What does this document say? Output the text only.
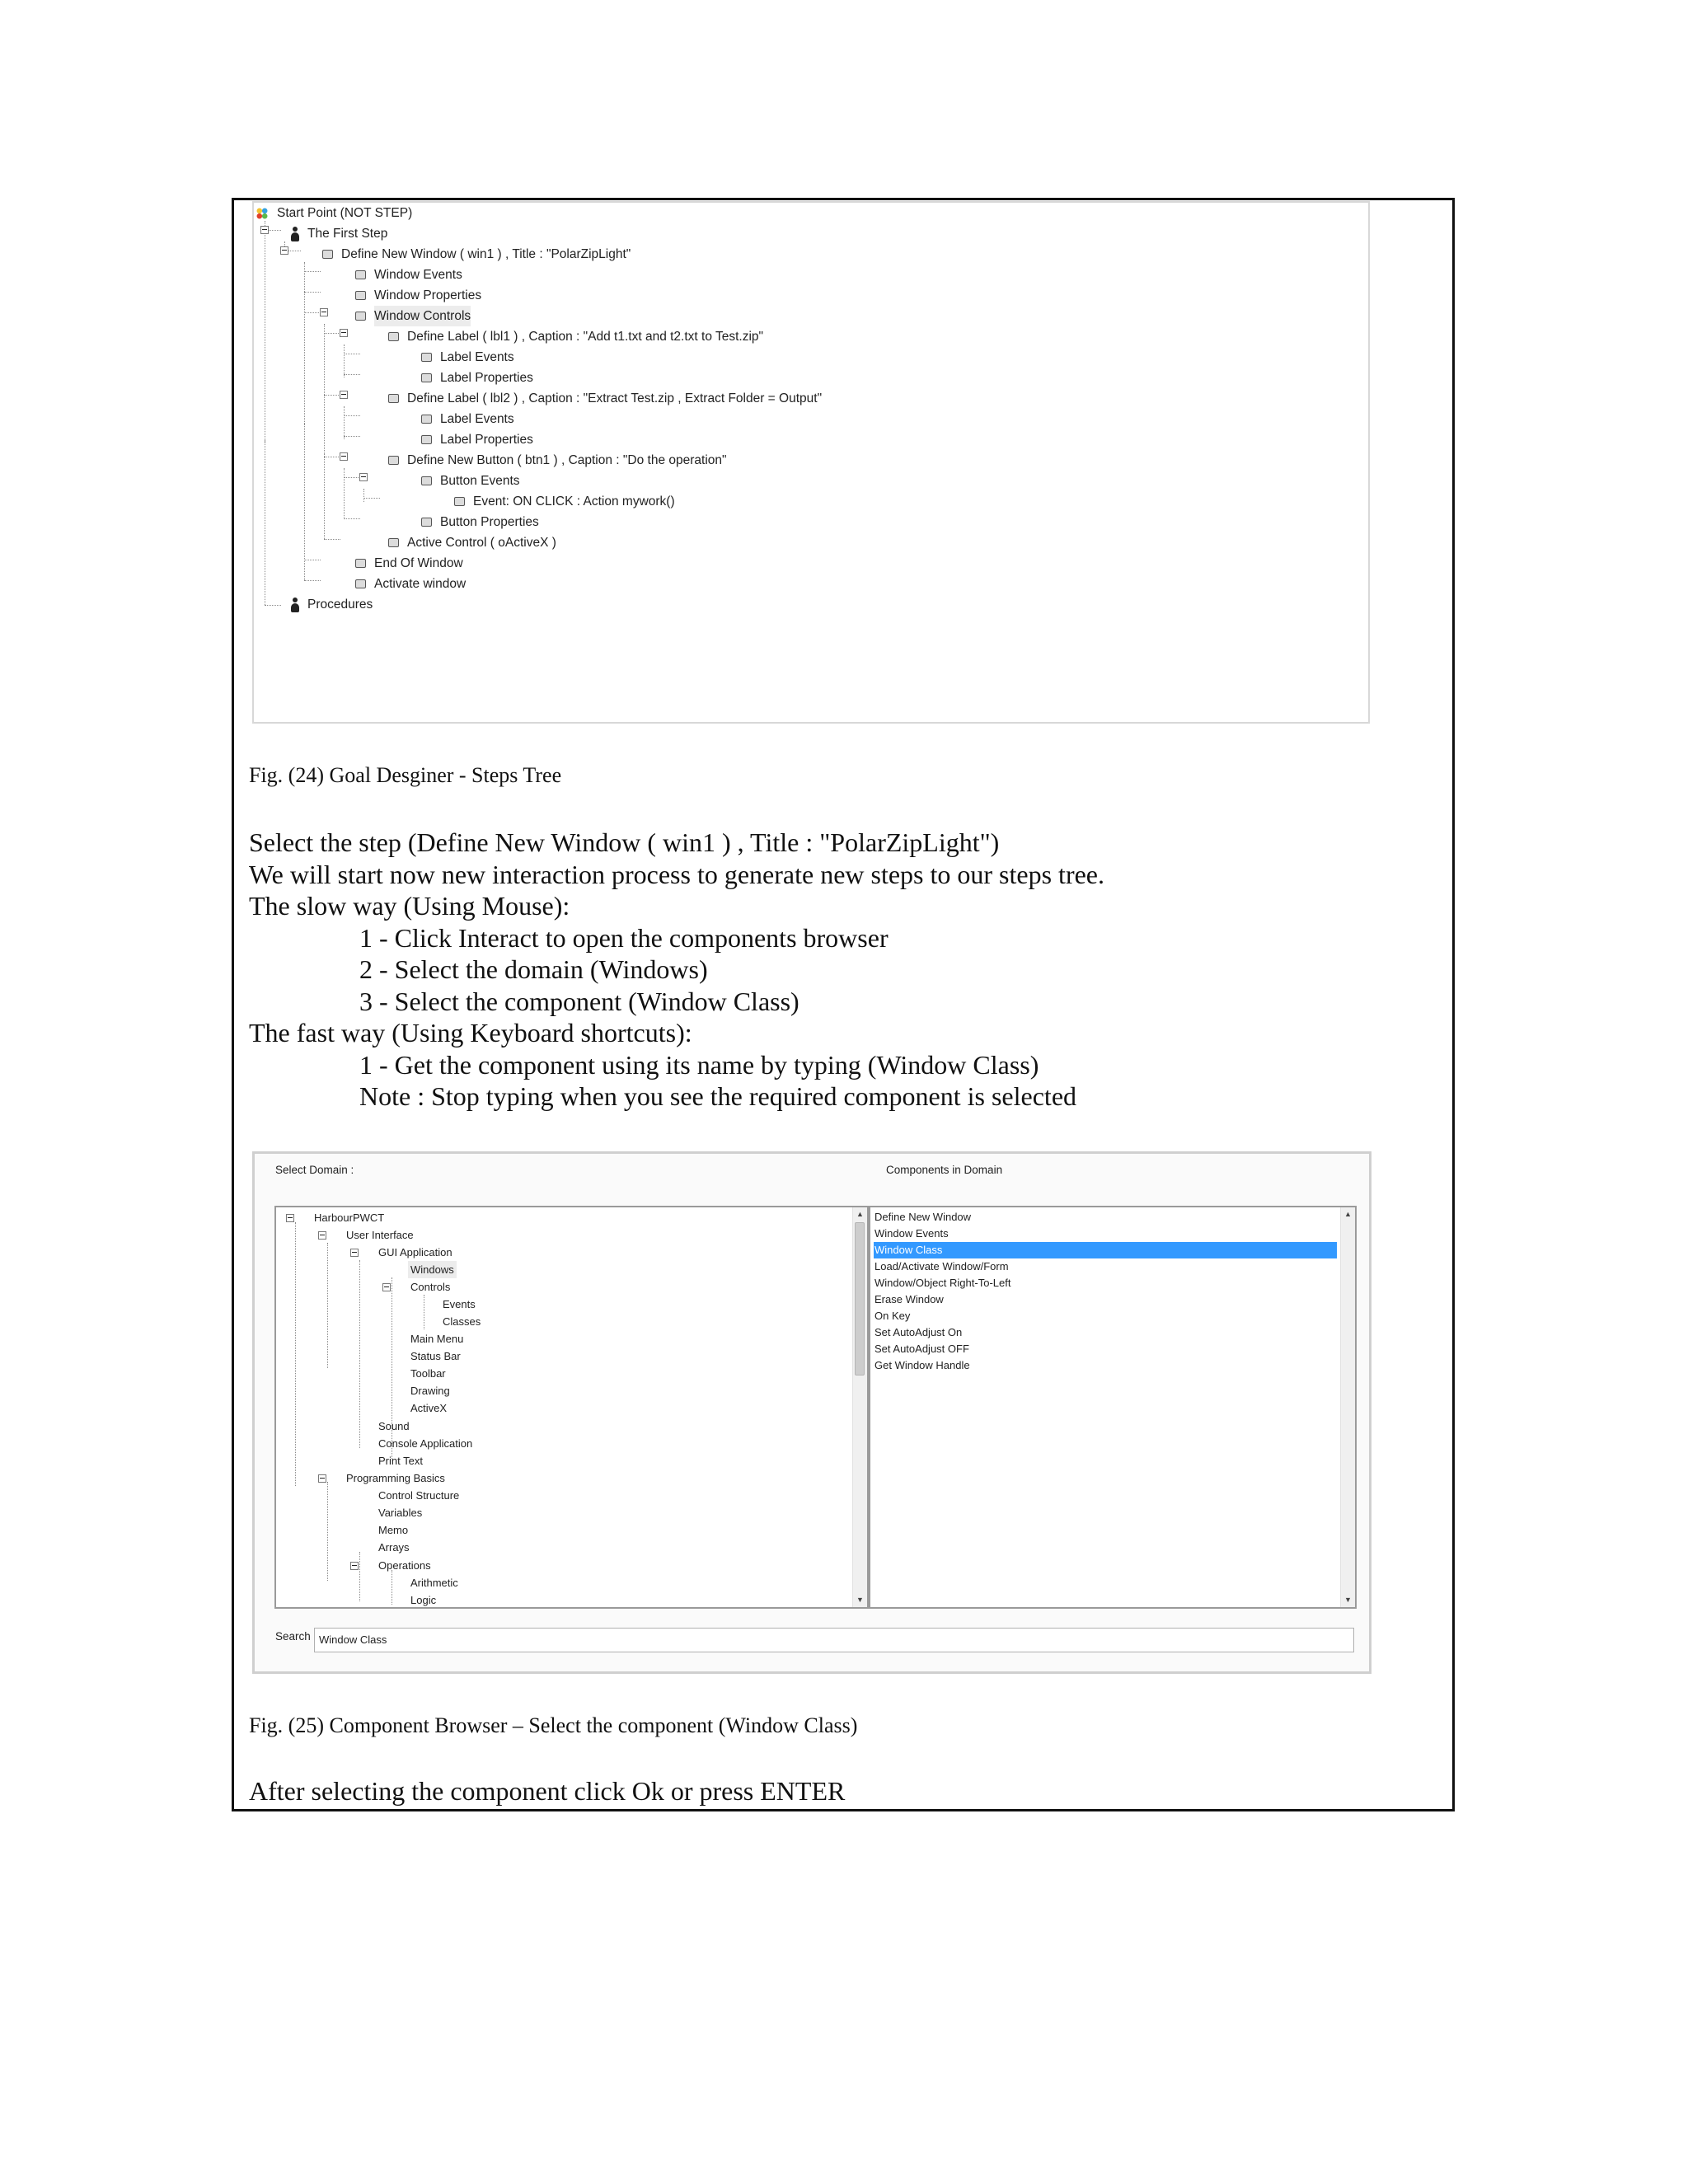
Start Point (NOT STEP)
The First Step
Define New Window ( win1 ) , Title : "PolarZipLight"
Window Events
Window Properties
Window Controls
Define Label ( lbl1 ) , Caption : "Add t1.txt and t2.txt to Test.zip"
Label Events
Label Properties
Define Label ( lbl2 ) , Caption : "Extract Test.zip , Extract Folder = Output"
Label Events
Label Properties
Define New Button ( btn1 ) , Caption : "Do the operation"
Button Events
Event: ON CLICK : Action mywork()
Button Properties
Active Control ( oActiveX )
End Of Window
Activate window
Procedures
Fig. (24) Goal Desginer - Steps Tree
Select the step (Define New Window ( win1 ) , Title : "PolarZipLight")
We will start now new interaction process to generate new steps to our steps tree.
The slow way (Using Mouse):
1 - Click Interact to open the components browser
2 - Select the domain (Windows)
3 - Select the component (Window Class)
The fast way (Using Keyboard shortcuts):
1 - Get the component using its name by typing (Window Class)
Note : Stop typing when you see the required component is selected
Select Domain :	Components in Domain
HarbourPWCT
User Interface
GUI Application
Windows
Controls
Events
Classes
Main Menu
Status Bar
Toolbar
Drawing
ActiveX
Sound
Console Application
Print Text
Programming Basics
Control Structure
Variables
Memo
Arrays
Operations
Arithmetic
Logic
▲
▼
Define New Window
Window Events
Window Class
Load/Activate Window/Form
Window/Object Right-To-Left
Erase Window
On Key
Set AutoAdjust On
Set AutoAdjust OFF
Get Window Handle
▲
▼
Search Window Class
Fig. (25) Component Browser – Select the component (Window Class)
After selecting the component click Ok or press ENTER
